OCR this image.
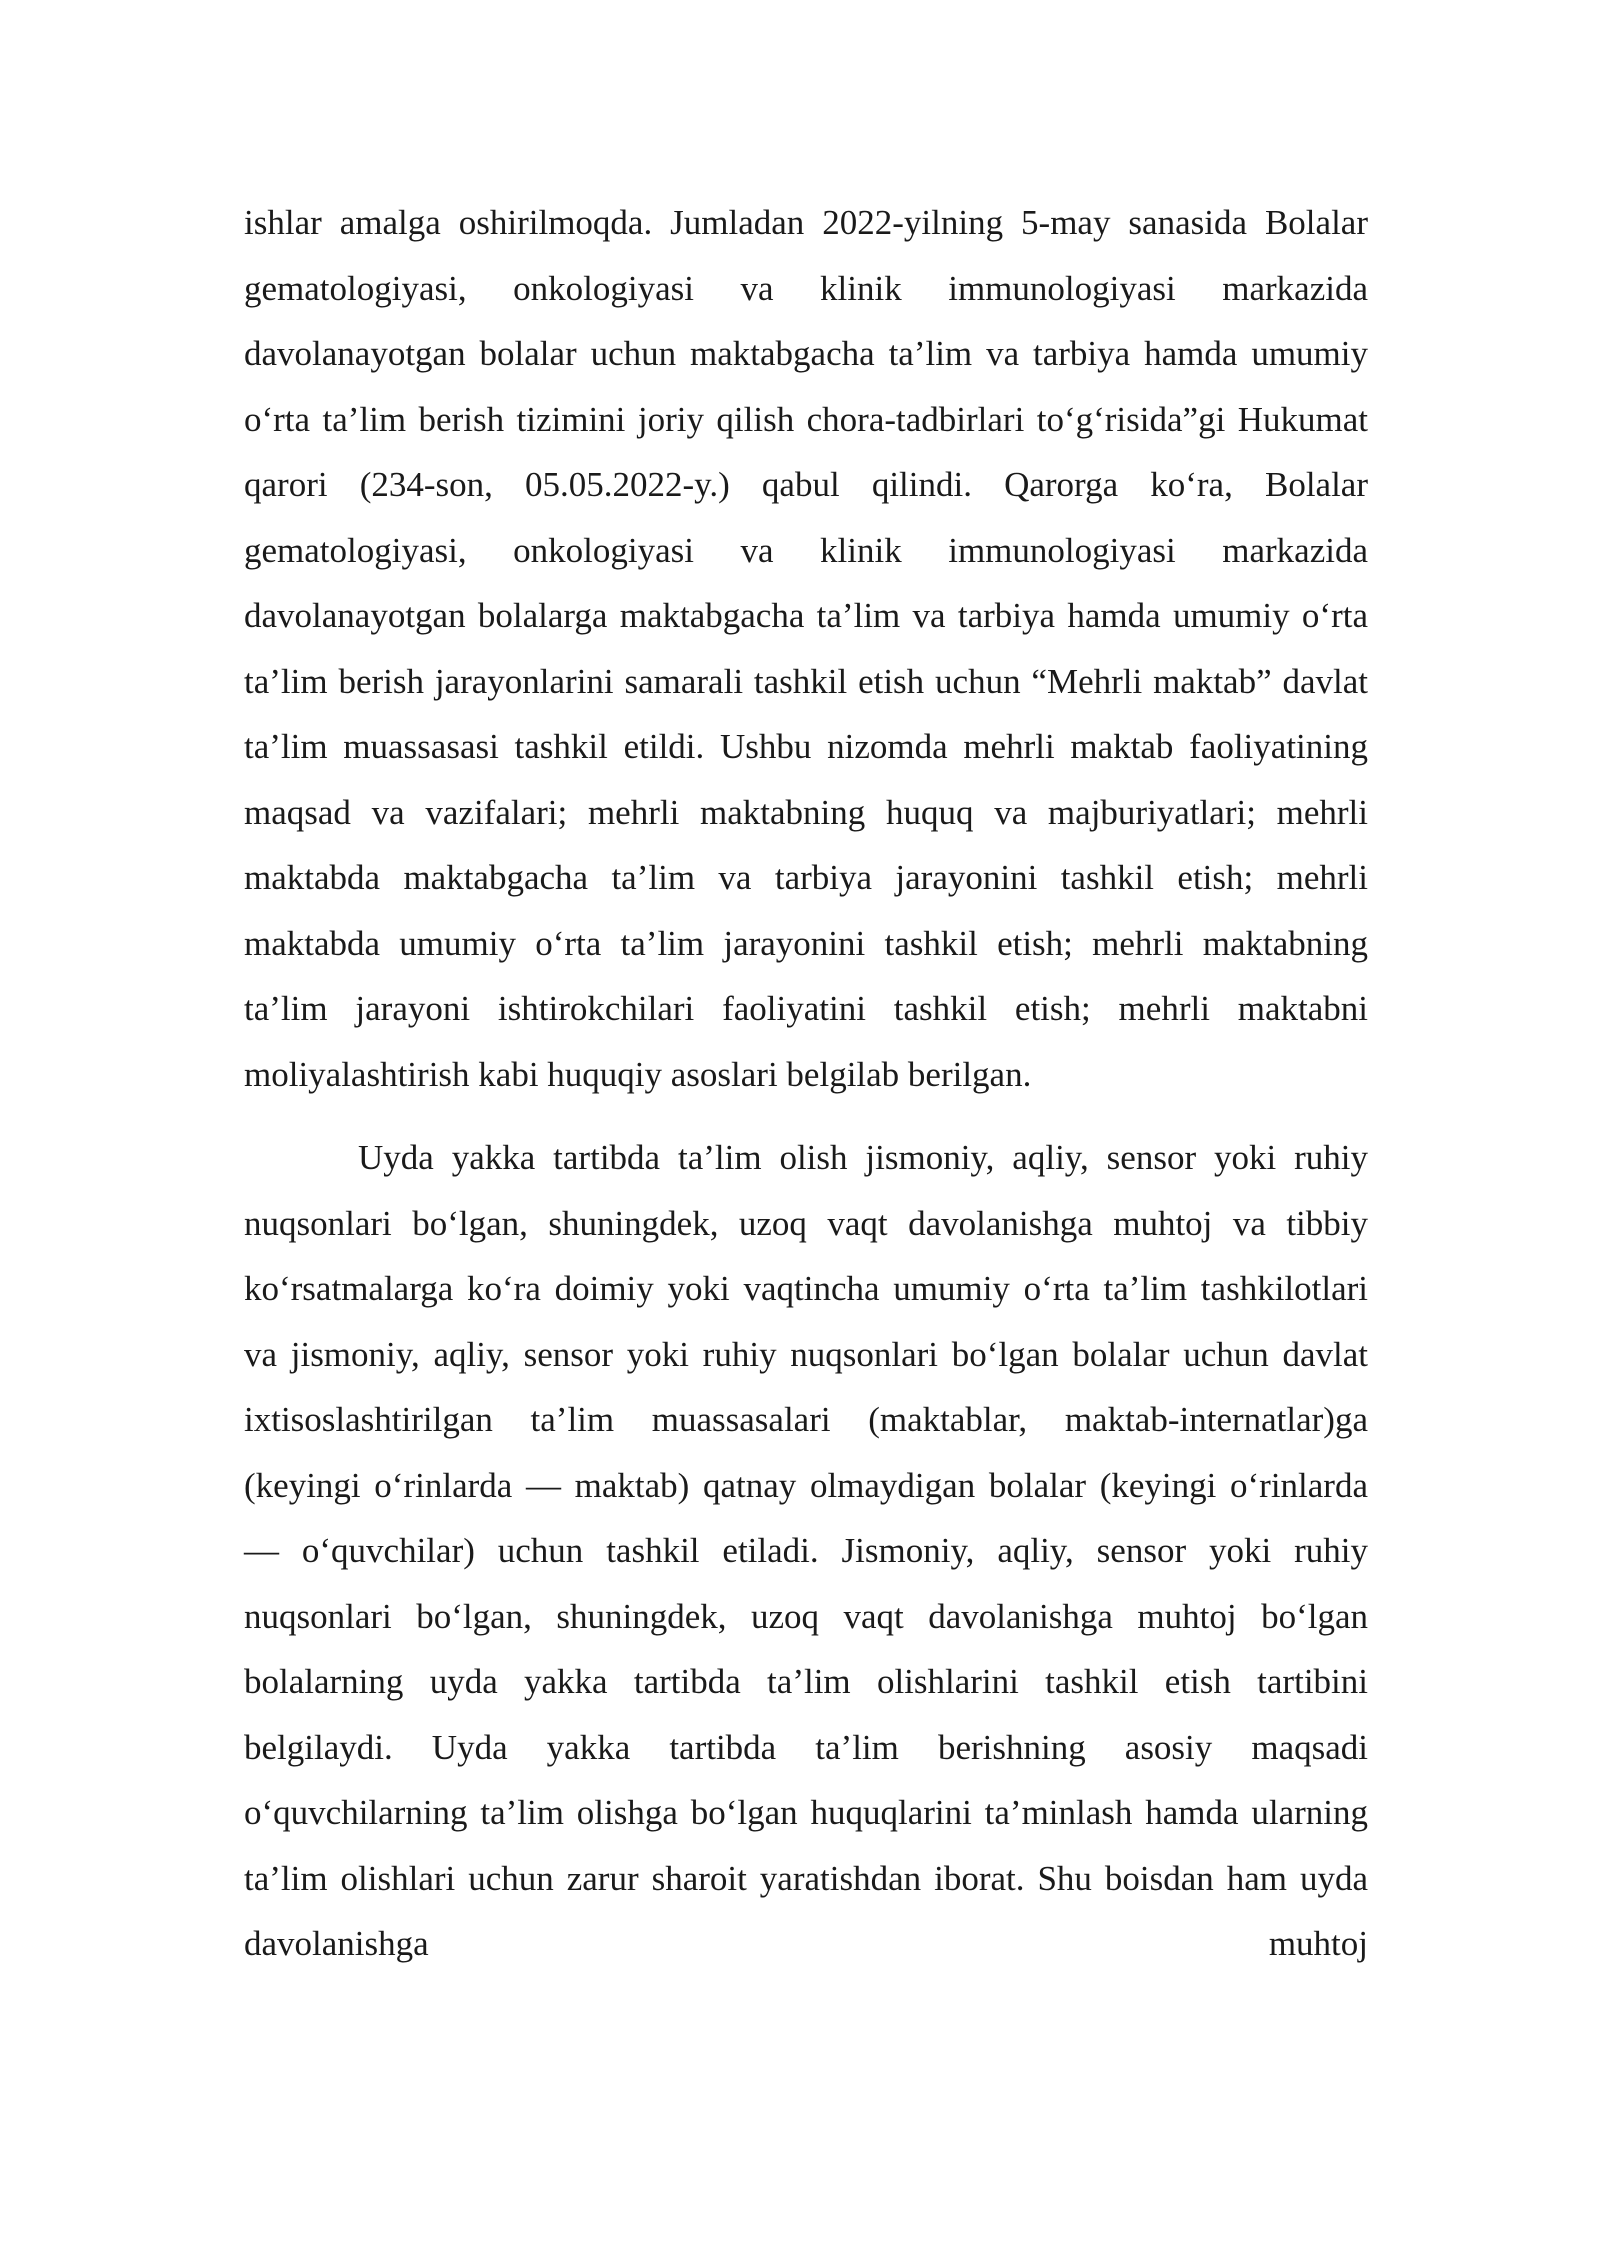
ishlar amalga oshirilmoqda. Jumladan 2022-yilning 5-may sanasida Bolalar gematologiyasi, onkologiyasi va klinik immunologiyasi markazida davolanayotgan bolalar uchun maktabgacha ta’lim va tarbiya hamda umumiy o‘rta ta’lim berish tizimini joriy qilish chora-tadbirlari to‘g‘risida”gi Hukumat qarori (234-son, 05.05.2022-y.) qabul qilindi. Qarorga ko‘ra, Bolalar gematologiyasi, onkologiyasi va klinik immunologiyasi markazida davolanayotgan bolalarga maktabgacha ta’lim va tarbiya hamda umumiy o‘rta ta’lim berish jarayonlarini samarali tashkil etish uchun “Mehrli maktab” davlat ta’lim muassasasi tashkil etildi. Ushbu nizomda mehrli maktab faoliyatining maqsad va vazifalari; mehrli maktabning huquq va majburiyatlari; mehrli maktabda maktabgacha ta’lim va tarbiya jarayonini tashkil etish; mehrli maktabda umumiy o‘rta ta’lim jarayonini tashkil etish; mehrli maktabning ta’lim jarayoni ishtirokchilari faoliyatini tashkil etish; mehrli maktabni moliyalashtirish kabi huquqiy asoslari belgilab berilgan.

Uyda yakka tartibda ta’lim olish jismoniy, aqliy, sensor yoki ruhiy nuqsonlari bo‘lgan, shuningdek, uzoq vaqt davolanishga muhtoj va tibbiy ko‘rsatmalarga ko‘ra doimiy yoki vaqtincha umumiy o‘rta ta’lim tashkilotlari va jismoniy, aqliy, sensor yoki ruhiy nuqsonlari bo‘lgan bolalar uchun davlat ixtisoslashtirilgan ta’lim muassasalari (maktablar, maktab-internatlar)ga (keyingi o‘rinlarda — maktab) qatnay olmaydigan bolalar (keyingi o‘rinlarda — o‘quvchilar) uchun tashkil etiladi. Jismoniy, aqliy, sensor yoki ruhiy nuqsonlari bo‘lgan, shuningdek, uzoq vaqt davolanishga muhtoj bo‘lgan bolalarning uyda yakka tartibda ta’lim olishlarini tashkil etish tartibini belgilaydi. Uyda yakka tartibda ta’lim berishning asosiy maqsadi o‘quvchilarning ta’lim olishga bo‘lgan huquqlarini ta’minlash hamda ularning ta’lim olishlari uchun zarur sharoit yaratishdan iborat. Shu boisdan ham uyda davolanishga muhtoj
